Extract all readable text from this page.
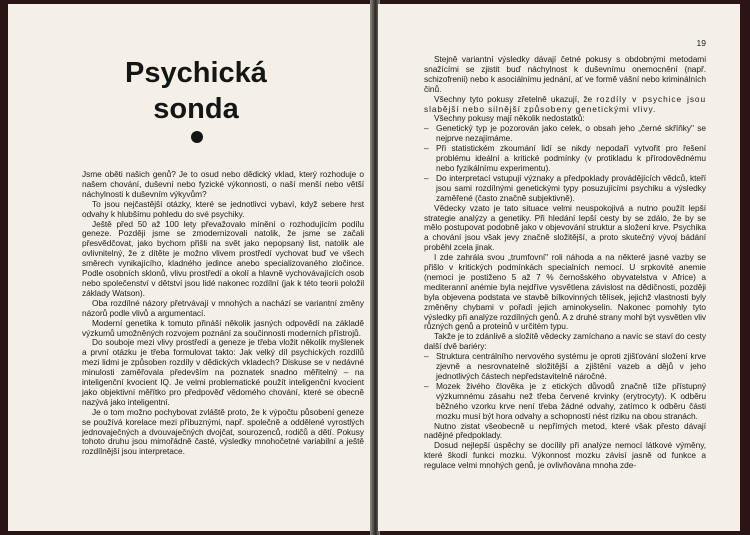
Psychická
sonda

Jsme oběti našich genů? Je to osud nebo dědický vklad, který rozhoduje o našem chování, duševní nebo fyzické výkonnosti, o naší menší nebo větší náchylnosti k duševním výkyvům?

To jsou nejčastější otázky, které se jednotlivci vybaví, když sebere hrst odvahy k hlubšímu pohledu do své psychiky.

Ještě před 50 až 100 lety převažovalo mínění o rozhodujícím podílu geneze. Později jsme se zmodernizovali natolik, že jsme se začali přesvědčovat, jako bychom přišli na svět jako nepopsaný list, natolik ale ovlivnitelný, že z dítěte je možno vlivem prostředí vychovat buď ve všech směrech vynikajícího, kladného jedince anebo specializovaného zločince. Podle osobních sklonů, vlivu prostředí a okolí a hlavně vychovávajících osob nebo společenství v dětství jsou lidé nakonec rozdílní (jak k této teorii položil základy Watson).

Oba rozdílné názory přetrvávají v mnohých a nachází se variantní změny názorů podle vlivů a argumentací.

Moderní genetika k tomuto přináší několik jasných odpovědí na základě výzkumů umožněných rozvojem poznání za součinnosti moderních přístrojů.

Do souboje mezi vlivy prostředí a geneze je třeba vložit několik myšlenek a první otázku je třeba formulovat takto: Jak velký díl psychických rozdílů mezi lidmi je způsoben rozdíly v dědických vkladech? Diskuse se v nedávné minulosti zaměřovala především na poznatek snadno měřitelný – na inteligenční kvocient IQ. Je velmi problematické použít inteligenční kvocient jako objektivní měřítko pro předpověď vědomého chování, které se obecně nazývá jako inteligentní.

Je o tom možno pochybovat zvláště proto, že k výpočtu působení geneze se používá korelace mezi příbuznými, např. společně a oddělené vyrostlých jednovaječných a dvouvaječných dvojčat, sourozenců, rodičů a dětí. Pokusy tohoto druhu jsou mimořádně časté, výsledky mnohočetné variabilní a ještě rozdílnější jsou interpretace.

19

Stejně variantní výsledky dávají četné pokusy s obdobnými metodami snažícími se zjistit buď náchylnost k duševnímu onemocnění (např. schizofrenii) nebo k asociálnímu jednání, ať ve formě vášní nebo kriminálních činů.

Všechny tyto pokusy zřetelně ukazují, že rozdíly v psychice jsou slabější nebo silnější způsobeny genetickými vlivy.

Všechny pokusy mají několik nedostatků:

– Genetický typ je pozorován jako celek, o obsah jeho „černé skříňky" se nejprve nezajímáme.
– Při statistickém zkoumání lidí se nikdy nepodaří vytvořit pro řešení problému ideální a kritické podmínky (v protikladu k přírodovědnému nebo fyzikálnímu experimentu).
– Do interpretací vstupují význaky a předpoklady provádějících vědců, kteří jsou sami rozdílnými genetickými typy posuzujícími psychiku a výsledky zaměřené (často značně subjektivně).

Vědecky vzato je tato situace velmi neuspokojivá a nutno použít lepší strategie analýzy a genetiky. Při hledání lepší cesty by se zdálo, že by se mělo postupovat podobně jako v objevování struktur a složení krve. Psychika a chování jsou však jevy značně složitější, a proto skutečný vývoj bádání proběhl zcela jinak.

I zde zahrála svou „trumfovní" roli náhoda a na některé jasné vazby se přišlo v kritických podmínkách specialních nemocí. U srpkovité anemie (nemoci je postiženo 5 až 7 % černošského obyvatelstva v Africe) a mediteranní anémie byla nejdříve vysvětlena závislost na dědičnosti, později byla objevena podstata ve stavbě bílkovinných tělísek, jejichž vlastnosti byly změněny chybami v pořadí jejich aminokyselin. Nakonec pomohly tyto výsledky při analýze rozdílných genů. A z druhé strany mohl být vysvětlen vliv různých genů a proteinů v určitém typu.

Takže je to zdánlivě a složitě vědecky zamíchano a navíc se staví do cesty další dvě bariéry:

– Struktura centrálního nervového systému je oproti zjišťování složení krve zjevně a nesrovnatelně složitější a zjištění vazeb a dějů v jeho jednotlivých částech nepředstavitelně náročné.
– Mozek živého člověka je z etických důvodů značně tíže přístupný výzkumnému zásahu než třeba červené krvinky (erytrocyty). K odběru běžného vzorku krve není třeba žádné odvahy, zatímco k odběru části mozku musí být hora odvahy a schopností nést riziku na obou stranách.

Nutno zistat všeobecně u nepřímých metod, které však přesto dávají nadějné předpoklady.

Dosud nejlepší úspěchy se docílily při analýze nemocí látkové výměny, které škodí funkci mozku. Výkonnost mozku závisí jasně od funkce a regulace velmi mnohých genů, je ovlivňována mnoha zde-
